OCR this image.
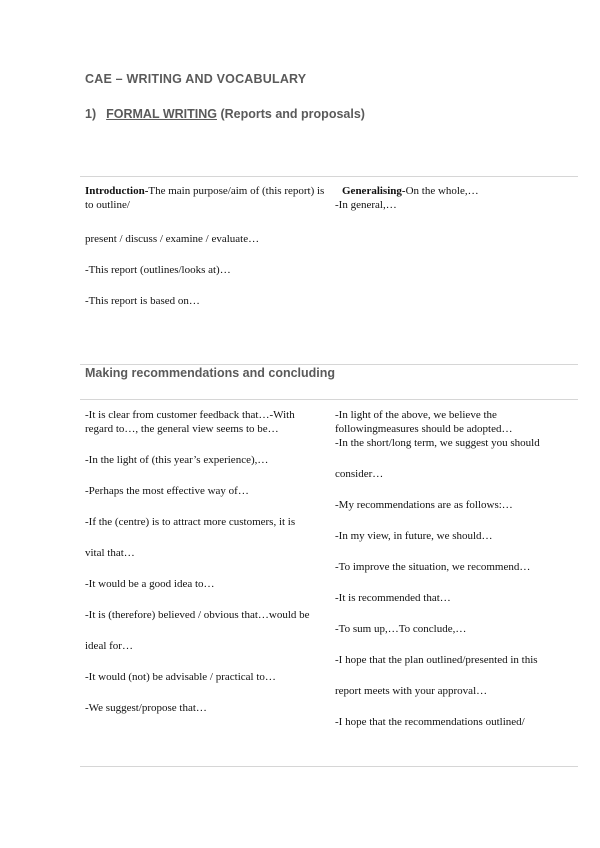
CAE – WRITING AND VOCABULARY
1) FORMAL WRITING (Reports and proposals)

Introduction-The main purpose/aim of (this report) is to outline/

present / discuss / examine / evaluate…

-This report (outlines/looks at)…

-This report is based on…

Generalising-On the whole,…

-In general,…

Making recommendations and concluding

-It is clear from customer feedback that…-With regard to…, the general view seems to be…

-In the light of (this year’s experience),…

-Perhaps the most effective way of…

-If the (centre) is to attract more customers, it is

vital that…

-It would be a good idea to…

-It is (therefore) believed / obvious that…would be

ideal for…

-It would (not) be advisable / practical to…

-We suggest/propose that…

-In light of the above, we believe the followingmeasures should be adopted…

-In the short/long term, we suggest you should

consider…

-My recommendations are as follows:…

-In my view, in future, we should…

-To improve the situation, we recommend…

-It is recommended that…

-To sum up,…To conclude,…

-I hope that the plan outlined/presented in this

report meets with your approval…

-I hope that the recommendations outlined/
